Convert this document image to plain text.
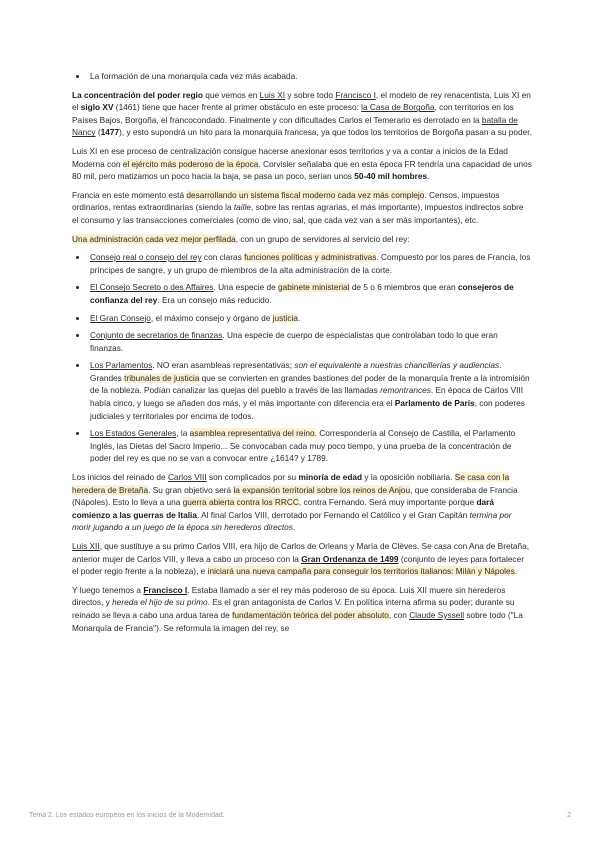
• La formación de una monarquía cada vez más acabada.

La concentración del poder regio que vemos en Luis XI y sobre todo Francisco I, el modelo de rey renacentista. Luis XI en el siglo XV (1461) tiene que hacer frente al primer obstáculo en este proceso: la Casa de Borgoña, con territorios en los Países Bajos, Borgoña, el francocondado. Finalmente y con dificultades Carlos el Temerario es derrotado en la batalla de Nancy (1477), y esto supondrá un hito para la monarquía francesa, ya que todos los territorios de Borgoña pasan a su poder.

Luis XI en ese proceso de centralización consigue hacerse anexionar esos territorios y va a contar a inicios de la Edad Moderna con el ejército más poderoso de la época. Corvisier señalaba que en esta época FR tendría una capacidad de unos 80 mil, pero matizamos un poco hacia la baja, se pasa un poco, serían unos 50-40 mil hombres.

Francia en este momento está desarrollando un sistema fiscal moderno cada vez más complejo. Censos, impuestos ordinarios, rentas extraordinarias (siendo la taille, sobre las rentas agrarias, el más importante), impuestos indirectos sobre el consumo y las transacciones comerciales (como de vino, sal, que cada vez van a ser más importantes), etc.

Una administración cada vez mejor perfilada, con un grupo de servidores al servicio del rey:

• Consejo real o consejo del rey con claras funciones políticas y administrativas. Compuesto por los pares de Francia, los príncipes de sangre, y un grupo de miembros de la alta administración de la corte.
• El Consejo Secreto o des Affaires. Una especie de gabinete ministerial de 5 o 6 miembros que eran consejeros de confianza del rey. Era un consejo más reducido.
• El Gran Consejo, el máximo consejo y órgano de justicia.
• Conjunto de secretarios de finanzas. Una especie de cuerpo de especialistas que controlaban todo lo que eran finanzas.
• Los Parlamentos. NO eran asambleas representativas; son el equivalente a nuestras chancillerías y audiencias. Grandes tribunales de justicia que se convierten en grandes bastiones del poder de la monarquía frente a la intromisión de la nobleza. Podían canalizar las quejas del pueblo a través de las llamadas remontrances. En época de Carlos VIII había cinco, y luego se añaden dos más, y el más importante con diferencia era el Parlamento de París, con poderes judiciales y territoriales por encima de todos.
• Los Estados Generales, la asamblea representativa del reino. Correspondería al Consejo de Castilla, el Parlamento Inglés, las Dietas del Sacro Imperio... Se convocaban cada muy poco tiempo, y una prueba de la concentración de poder del rey es que no se van a convocar entre ¿1614? y 1789.

Los inicios del reinado de Carlos VIII son complicados por su minoría de edad y la oposición nobiliaria. Se casa con la heredera de Bretaña. Su gran objetivo será la expansión territorial sobre los reinos de Anjou, que consideraba de Francia (Nápoles). Esto lo lleva a una guerra abierta contra los RRCC, contra Fernando. Será muy importante porque dará comienzo a las guerras de Italia. Al final Carlos VIII, derrotado por Fernando el Católico y el Gran Capitán termina por morir jugando a un juego de la época sin herederos directos.

Luis XII, que sustituye a su primo Carlos VIII, era hijo de Carlos de Orleans y María de Clèves. Se casa con Ana de Bretaña, anterior mujer de Carlos VIII, y lleva a cabo un proceso con la Gran Ordenanza de 1499 (conjunto de leyes para fortalecer el poder regio frente a la nobleza), e iniciará una nueva campaña para conseguir los territorios italianos: Milán y Nápoles.

Y luego tenemos a Francisco I. Estaba llamado a ser el rey más poderoso de su época. Luis XII muere sin herederos directos, y hereda el hijo de su primo. Es el gran antagonista de Carlos V. En política interna afirma su poder; durante su reinado se lleva a cabo una ardua tarea de fundamentación teórica del poder absoluto, con Claude Syssell sobre todo ("La Monarquía de Francia"). Se reformula la imagen del rey, se

Tema 2. Los estados europeos en los inicios de la Modernidad.	2
